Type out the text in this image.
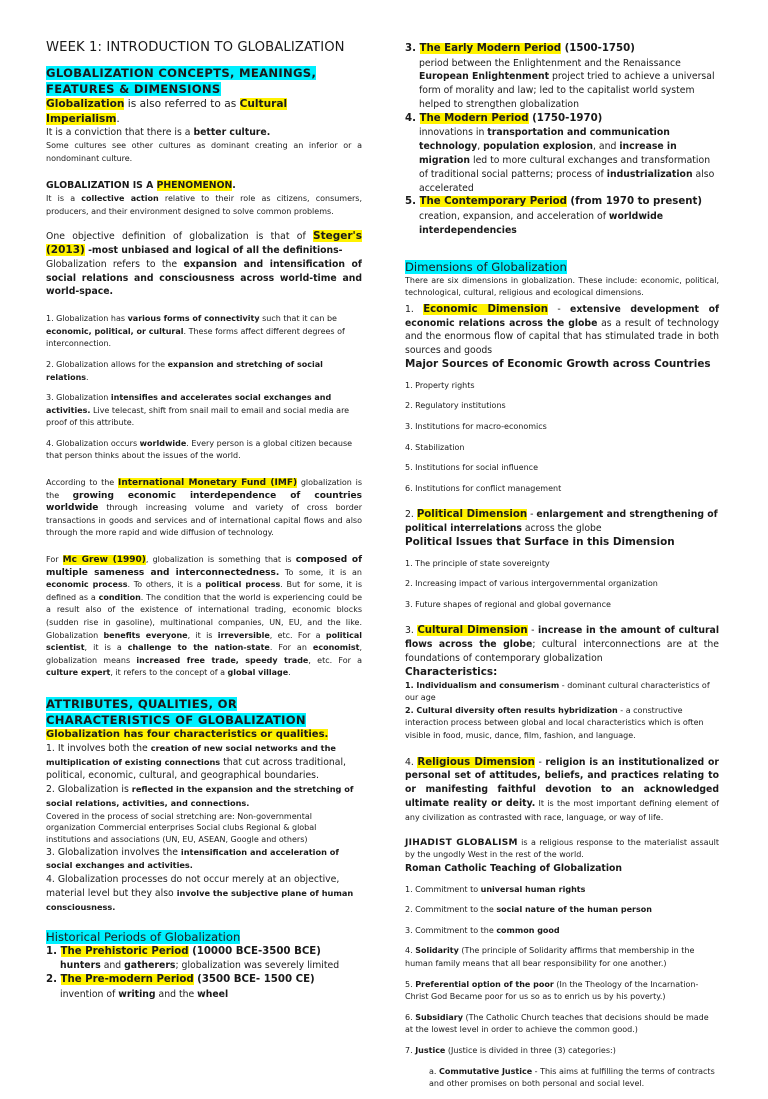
WEEK 1: INTRODUCTION TO GLOBALIZATION

GLOBALIZATION CONCEPTS, MEANINGS, FEATURES & DIMENSIONS

Globalization is also referred to as Cultural Imperialism.

It is a conviction that there is a better culture.

Some cultures see other cultures as dominant creating an inferior or a nondominant culture.

GLOBALIZATION IS A PHENOMENON.

It is a collective action relative to their role as citizens, consumers, producers, and their environment designed to solve common problems.

One objective definition of globalization is that of Steger's (2013) -most unbiased and logical of all the definitions-
Globalization refers to the expansion and intensification of social relations and consciousness across world-time and world-space.

1. Globalization has various forms of connectivity such that it can be economic, political, or cultural. These forms affect different degrees of interconnection.

2. Globalization allows for the expansion and stretching of social relations.

3. Globalization intensifies and accelerates social exchanges and activities. Live telecast, shift from snail mail to email and social media are proof of this attribute.

4. Globalization occurs worldwide. Every person is a global citizen because that person thinks about the issues of the world.

According to the International Monetary Fund (IMF) globalization is the growing economic interdependence of countries worldwide through increasing volume and variety of cross border transactions in goods and services and of international capital flows and also through the more rapid and wide diffusion of technology.

For Mc Grew (1990), globalization is something that is composed of multiple sameness and interconnectedness. To some, it is an economic process. To others, it is a political process. But for some, it is defined as a condition. The condition that the world is experiencing could be a result also of the existence of international trading, economic blocks (sudden rise in gasoline), multinational companies, UN, EU, and the like. Globalization benefits everyone, it is irreversible, etc. For a political scientist, it is a challenge to the nation-state. For an economist, globalization means increased free trade, speedy trade, etc. For a culture expert, it refers to the concept of a global village.

ATTRIBUTES, QUALITIES, OR CHARACTERISTICS OF GLOBALIZATION

Globalization has four characteristics or qualities.

1. It involves both the creation of new social networks and the multiplication of existing connections that cut across traditional, political, economic, cultural, and geographical boundaries.

2. Globalization is reflected in the expansion and the stretching of social relations, activities, and connections.

Covered in the process of social stretching are: Non-governmental organization Commercial enterprises Social clubs Regional & global institutions and associations (UN, EU, ASEAN, Google and others)

3. Globalization involves the intensification and acceleration of social exchanges and activities.

4. Globalization processes do not occur merely at an objective, material level but they also involve the subjective plane of human consciousness.

Historical Periods of Globalization

1. The Prehistoric Period (10000 BCE-3500 BCE)

hunters and gatherers; globalization was severely limited

2. The Pre-modern Period (3500 BCE- 1500 CE)

invention of writing and the wheel

3. The Early Modern Period (1500-1750)

period between the Enlightenment and the Renaissance European Enlightenment project tried to achieve a universal form of morality and law; led to the capitalist world system helped to strengthen globalization

4. The Modern Period (1750-1970)

innovations in transportation and communication technology, population explosion, and increase in migration led to more cultural exchanges and transformation of traditional social patterns; process of industrialization also accelerated

5. The Contemporary Period (from 1970 to present)

creation, expansion, and acceleration of worldwide interdependencies

Dimensions of Globalization

There are six dimensions in globalization. These include: economic, political, technological, cultural, religious and ecological dimensions.

1. Economic Dimension - extensive development of economic relations across the globe as a result of technology and the enormous flow of capital that has stimulated trade in both sources and goods

Major Sources of Economic Growth across Countries

1. Property rights

2. Regulatory institutions

3. Institutions for macro-economics

4. Stabilization

5. Institutions for social influence

6. Institutions for conflict management

2. Political Dimension - enlargement and strengthening of political interrelations across the globe

Political Issues that Surface in this Dimension

1. The principle of state sovereignty

2. Increasing impact of various intergovernmental organization

3. Future shapes of regional and global governance

3. Cultural Dimension - increase in the amount of cultural flows across the globe; cultural interconnections are at the foundations of contemporary globalization

Characteristics:

1. Individualism and consumerism - dominant cultural characteristics of our age

2. Cultural diversity often results hybridization - a constructive interaction process between global and local characteristics which is often visible in food, music, dance, film, fashion, and language.

4. Religious Dimension - religion is an institutionalized or personal set of attitudes, beliefs, and practices relating to or manifesting faithful devotion to an acknowledged ultimate reality or deity. It is the most important defining element of any civilization as contrasted with race, language, or way of life.

JIHADIST GLOBALISM is a religious response to the materialist assault by the ungodly West in the rest of the world.

Roman Catholic Teaching of Globalization

1. Commitment to universal human rights

2. Commitment to the social nature of the human person

3. Commitment to the common good

4. Solidarity (The principle of Solidarity affirms that membership in the human family means that all bear responsibility for one another.)

5. Preferential option of the poor (In the Theology of the Incarnation-Christ God Became poor for us so as to enrich us by his poverty.)

6. Subsidiary (The Catholic Church teaches that decisions should be made at the lowest level in order to achieve the common good.)

7. Justice (Justice is divided in three (3) categories:)

a. Commutative Justice - This aims at fulfilling the terms of contracts and other promises on both personal and social level.
